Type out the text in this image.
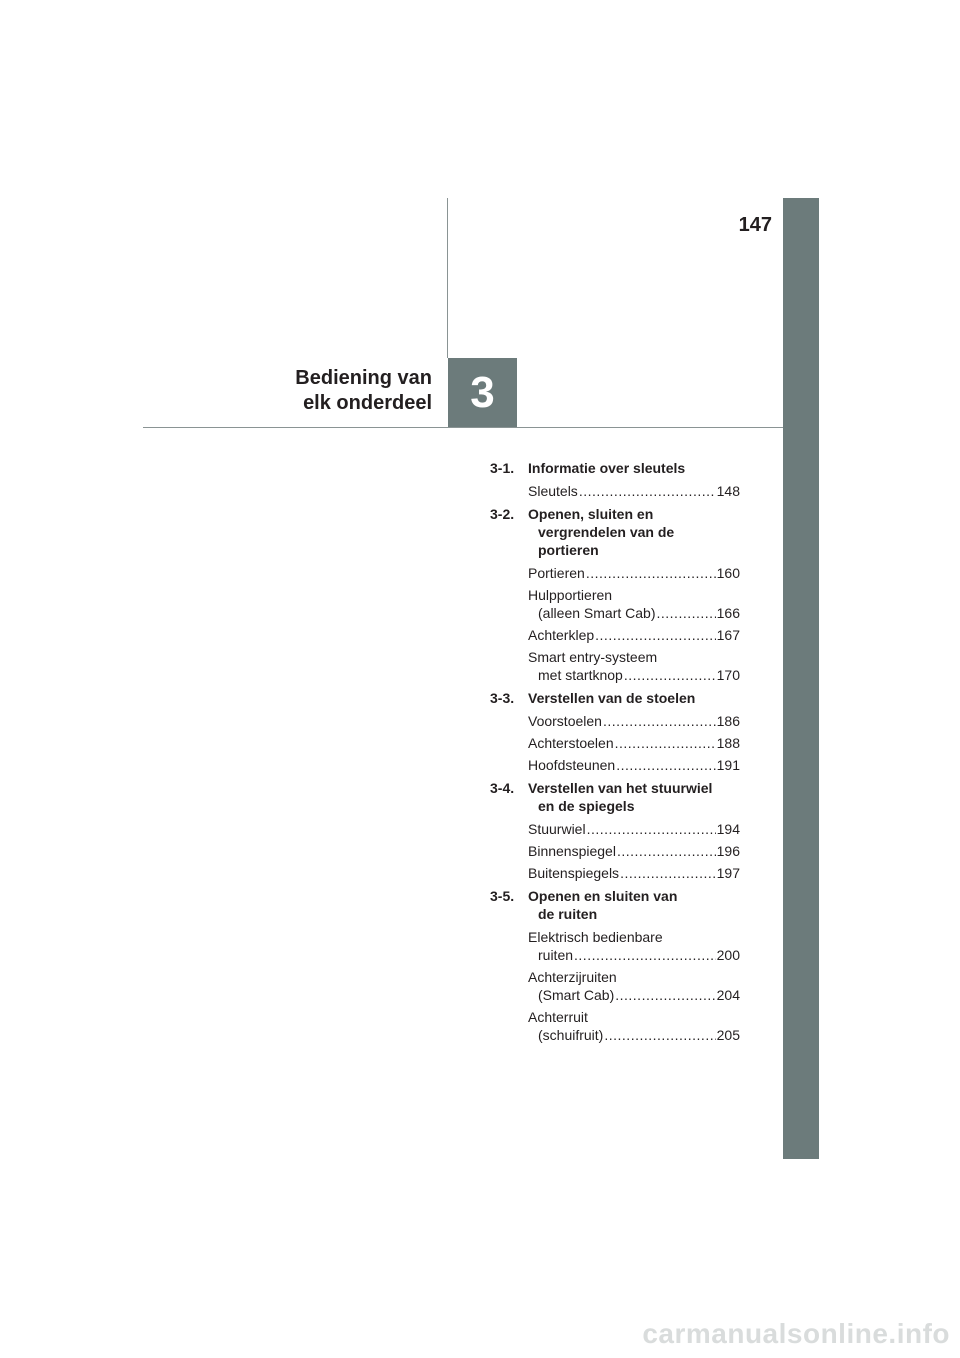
147
Bediening van
elk onderdeel 3
3-1. Informatie over sleutels
Sleutels .....	148
3-2. Openen, sluiten en
vergrendelen van de
portieren
Portieren .....	160
Hulpportieren
(alleen Smart Cab) .....	166
Achterklep .....	167
Smart entry-systeem
met startknop .....	170
3-3. Verstellen van de stoelen
Voorstoelen .....	186
Achterstoelen .....	188
Hoofdsteunen .....	191
3-4. Verstellen van het stuurwiel
en de spiegels
Stuurwiel .....	194
Binnenspiegel .....	196
Buitenspiegels .....	197
3-5. Openen en sluiten van
de ruiten
Elektrisch bedienbare
ruiten .....	200
Achterzijruiten
(Smart Cab) .....	204
Achterruit
(schuifruit) .....	205
carmanualsonline.info
